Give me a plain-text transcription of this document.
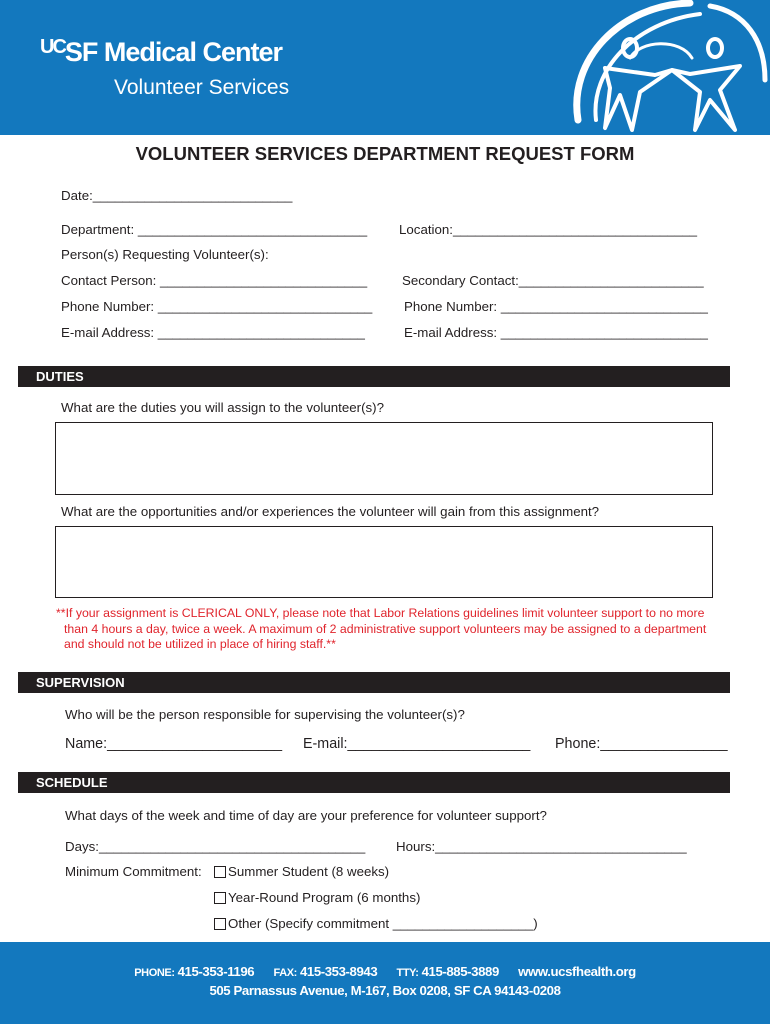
$^{UC}$SF Medical Center
Volunteer Services
VOLUNTEER SERVICES DEPARTMENT REQUEST FORM
Date:___________________________
Department: _______________________________ Location:_________________________________
Person(s) Requesting Volunteer(s):
Contact Person: ____________________________	Secondary Contact:_________________________
Phone Number: _____________________________ Phone Number: ____________________________
E-mail Address: ____________________________	E-mail Address: ____________________________
DUTIES
What are the duties you will assign to the volunteer(s)?
What are the opportunities and/or experiences the volunteer will gain from this assignment?
**If your assignment is CLERICAL ONLY, please note that Labor Relations guidelines limit volunteer support to no more
than 4 hours a day, twice a week. A maximum of 2 administrative support volunteers may be assigned to a department
and should not be utilized in place of hiring staff.**
SUPERVISION
Who will be the person responsible for supervising the volunteer(s)?
Name:______________________ E-mail:_______________________ Phone:________________
SCHEDULE
What days of the week and time of day are your preference for volunteer support?
Days:____________________________________ Hours:__________________________________
Minimum Commitment:	Summer Student (8 weeks)
Year-Round Program (6 months)
Other (Specify commitment ___________________)
PHONE: 415-353-1196 FAX: 415-353-8943 TTY: 415-885-3889 www.ucsfhealth.org
505 Parnassus Avenue, M-167, Box 0208, SF CA 94143-0208
